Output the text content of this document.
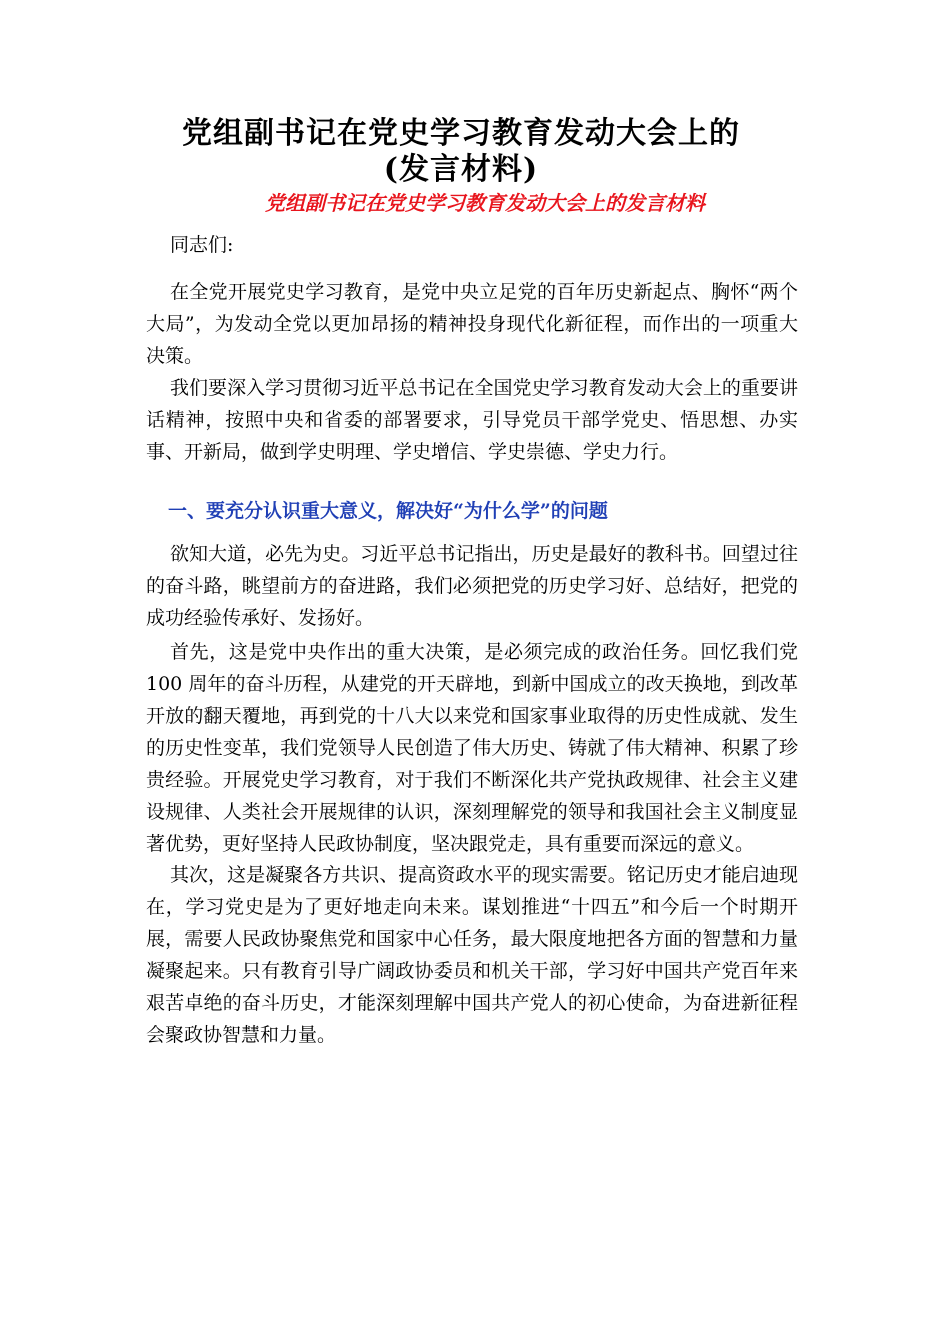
党组副书记在党史学习教育发动大会上的
(发言材料)
党组副书记在党史学习教育发动大会上的发言材料

同志们:

在全党开展党史学习教育，是党中央立足党的百年历史新起点、胸怀“两个大局”，为发动全党以更加昂扬的精神投身现代化新征程，而作出的一项重大决策。

我们要深入学习贯彻习近平总书记在全国党史学习教育发动大会上的重要讲话精神，按照中央和省委的部署要求，引导党员干部学党史、悟思想、办实事、开新局，做到学史明理、学史增信、学史崇德、学史力行。

一、要充分认识重大意义，解决好“为什么学”的问题

欲知大道，必先为史。习近平总书记指出，历史是最好的教科书。回望过往的奋斗路，眺望前方的奋进路，我们必须把党的历史学习好、总结好，把党的成功经验传承好、发扬好。

首先，这是党中央作出的重大决策，是必须完成的政治任务。回忆我们党 100 周年的奋斗历程，从建党的开天辟地，到新中国成立的改天换地，到改革开放的翻天覆地，再到党的十八大以来党和国家事业取得的历史性成就、发生的历史性变革，我们党领导人民创造了伟大历史、铸就了伟大精神、积累了珍贵经验。开展党史学习教育，对于我们不断深化共产党执政规律、社会主义建设规律、人类社会开展规律的认识，深刻理解党的领导和我国社会主义制度显著优势，更好坚持人民政协制度，坚决跟党走，具有重要而深远的意义。

其次，这是凝聚各方共识、提高资政水平的现实需要。铭记历史才能启迪现在，学习党史是为了更好地走向未来。谋划推进“十四五”和今后一个时期开展，需要人民政协聚焦党和国家中心任务，最大限度地把各方面的智慧和力量凝聚起来。只有教育引导广阔政协委员和机关干部，学习好中国共产党百年来艰苦卓绝的奋斗历史，才能深刻理解中国共产党人的初心使命，为奋进新征程会聚政协智慧和力量。
